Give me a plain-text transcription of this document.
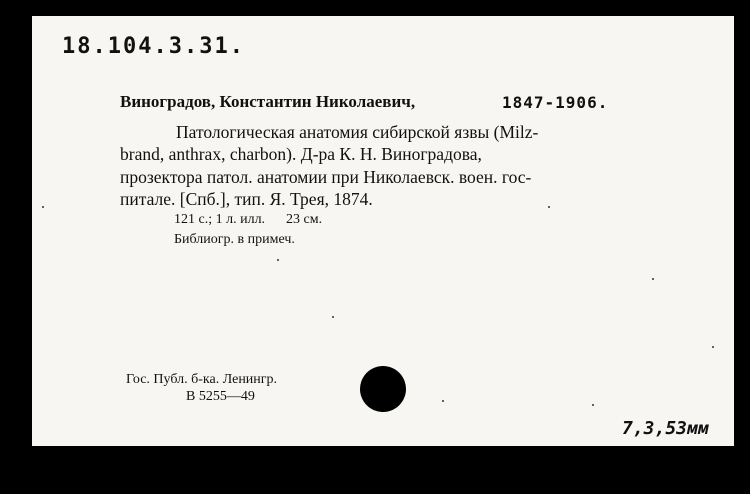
18.104.3.31.
Виноградов, Константин Николаевич,	1847-1906.
Патологическая анатомия сибирской язвы (Milz-
brand, anthrax, charbon). Д-ра К. Н. Виноградова,
прозектора патол. анатомии при Николаевск. воен. гос-
питале. [Спб.], тип. Я. Трея, 1874.
121 с.; 1 л. илл.      23 см.
Библиогр. в примеч.
Гос. Публ. б-ка. Ленингр.
В 5255—49
7,3,53мм
